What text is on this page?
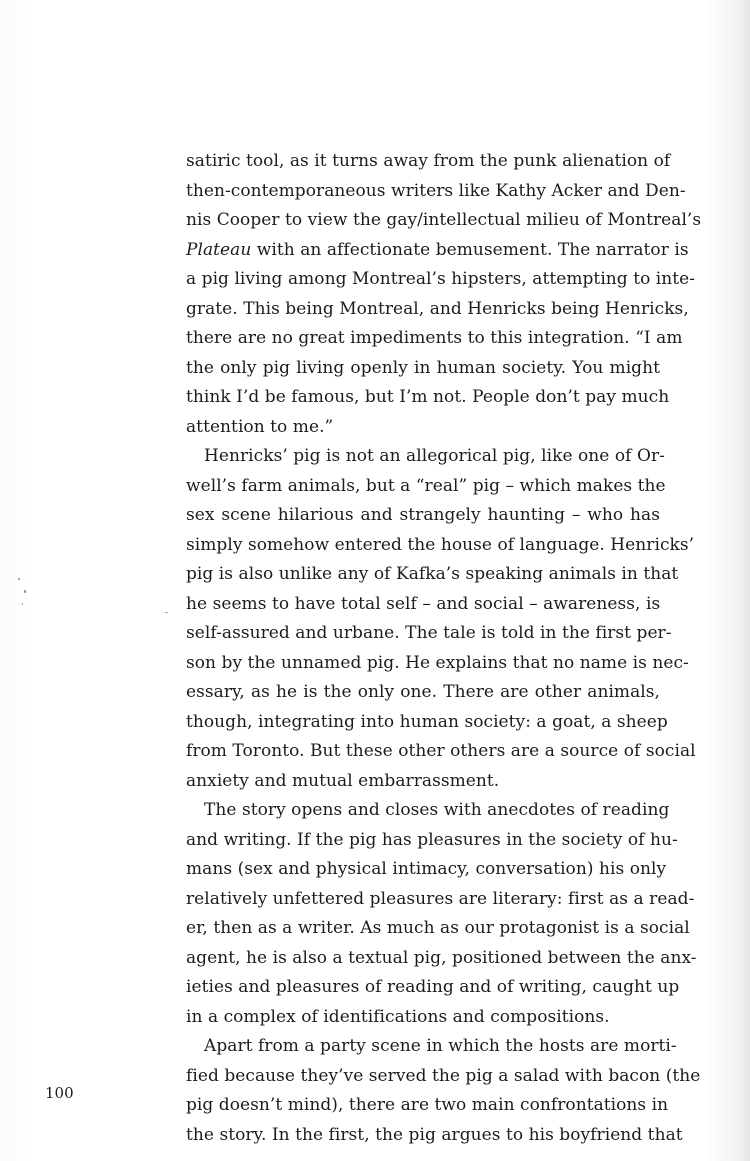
satiric tool, as it turns away from the punk alienation of
then-contemporaneous writers like Kathy Acker and Den-
nis Cooper to view the gay/intellectual milieu of Montreal’s
Plateau with an affectionate bemusement. The narrator is
a pig living among Montreal’s hipsters, attempting to inte-
grate. This being Montreal, and Henricks being Henricks,
there are no great impediments to this integration. “I am
the only pig living openly in human society. You might
think I’d be famous, but I’m not. People don’t pay much
attention to me.”
Henricks’ pig is not an allegorical pig, like one of Or-
well’s farm animals, but a “real” pig – which makes the
sex scene hilarious and strangely haunting – who has
simply somehow entered the house of language. Henricks’
pig is also unlike any of Kafka’s speaking animals in that
he seems to have total self – and social – awareness, is
self-assured and urbane. The tale is told in the first per-
son by the unnamed pig. He explains that no name is nec-
essary, as he is the only one. There are other animals,
though, integrating into human society: a goat, a sheep
from Toronto. But these other others are a source of social
anxiety and mutual embarrassment.
The story opens and closes with anecdotes of reading
and writing. If the pig has pleasures in the society of hu-
mans (sex and physical intimacy, conversation) his only
relatively unfettered pleasures are literary: first as a read-
er, then as a writer. As much as our protagonist is a social
agent, he is also a textual pig, positioned between the anx-
ieties and pleasures of reading and of writing, caught up
in a complex of identifications and compositions.
Apart from a party scene in which the hosts are morti-
fied because they’ve served the pig a salad with bacon (the
pig doesn’t mind), there are two main confrontations in
the story. In the first, the pig argues to his boyfriend that
100
